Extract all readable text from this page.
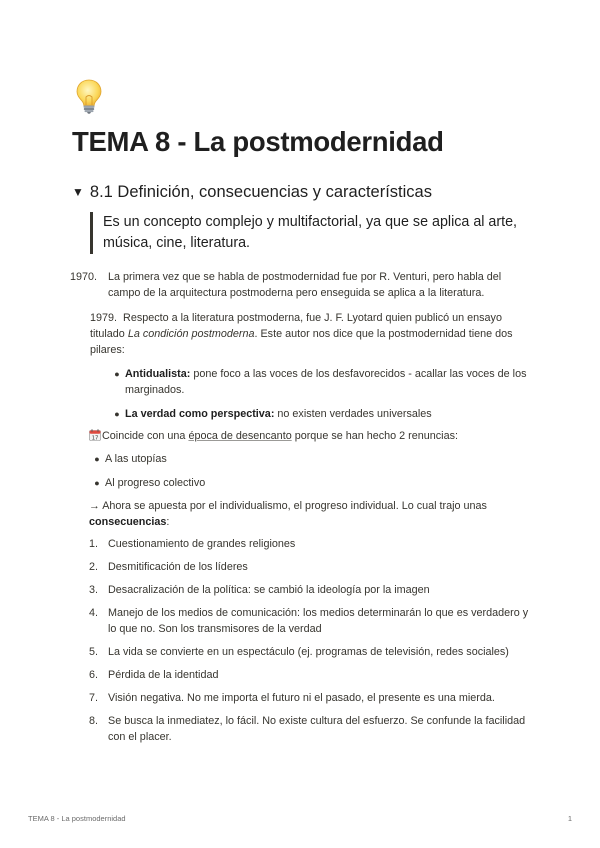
TEMA 8 - La postmodernidad
▼ 8.1 Definición, consecuencias y características
Es un concepto complejo y multifactorial, ya que se aplica al arte, música, cine, literatura.
1970.	La primera vez que se habla de postmodernidad fue por R. Venturi, pero habla del campo de la arquitectura postmoderna pero enseguida se aplica a la literatura.
1979. Respecto a la literatura postmoderna, fue J. F. Lyotard quien publicó un ensayo titulado La condición postmoderna. Este autor nos dice que la postmodernidad tiene dos pilares:
● Antidualista: pone foco a las voces de los desfavorecidos - acallar las voces de los marginados.
● La verdad como perspectiva: no existen verdades universales
17 Coincide con una época de desencanto porque se han hecho 2 renuncias:
● A las utopías
● Al progreso colectivo
→ Ahora se apuesta por el individualismo, el progreso individual. Lo cual trajo unas consecuencias:
1. Cuestionamiento de grandes religiones
2. Desmitificación de los líderes
3. Desacralización de la política: se cambió la ideología por la imagen
4. Manejo de los medios de comunicación: los medios determinarán lo que es verdadero y lo que no. Son los transmisores de la verdad
5. La vida se convierte en un espectáculo (ej. programas de televisión, redes sociales)
6. Pérdida de la identidad
7. Visión negativa. No me importa el futuro ni el pasado, el presente es una mierda.
8. Se busca la inmediatez, lo fácil. No existe cultura del esfuerzo. Se confunde la facilidad con el placer.
TEMA 8 - La postmodernidad	1
